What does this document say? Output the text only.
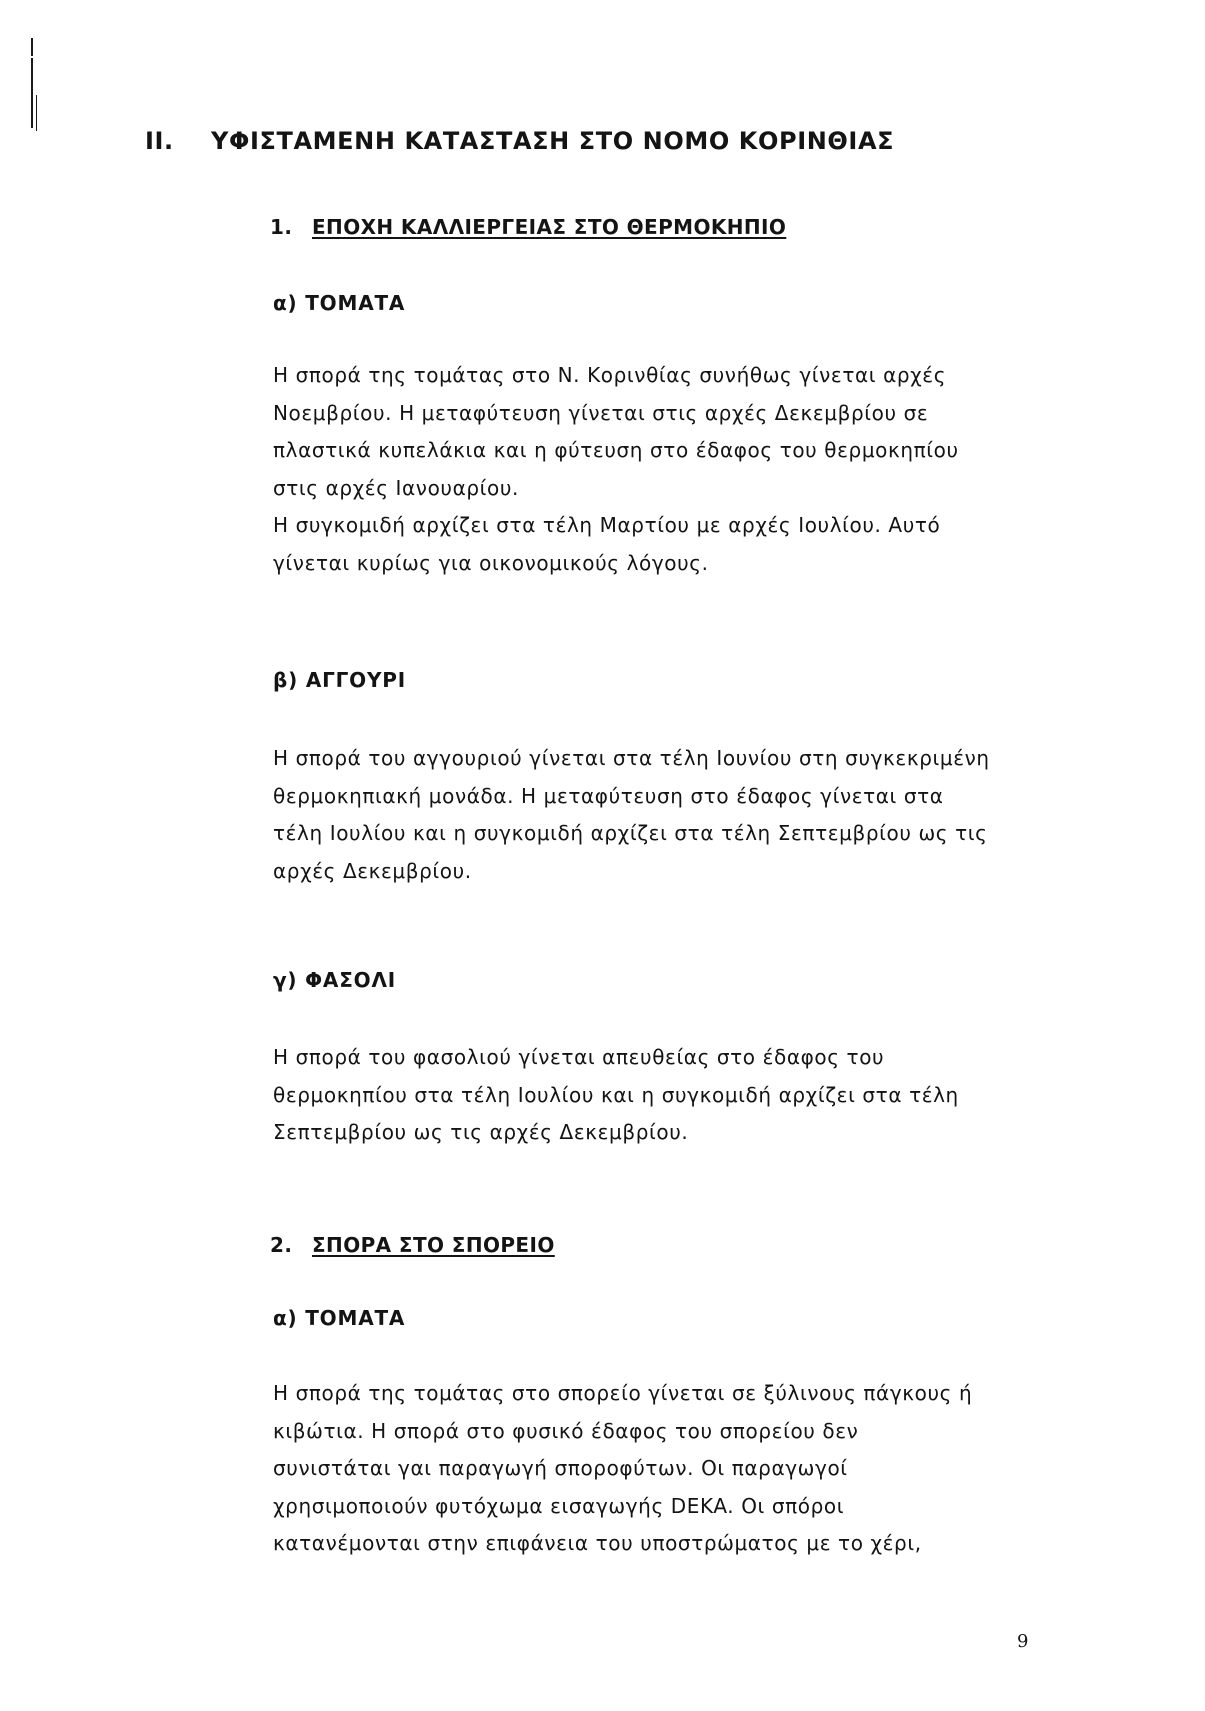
II. ΥΦΙΣΤΑΜΕΝΗ ΚΑΤΑΣΤΑΣΗ ΣΤΟ ΝΟΜΟ ΚΟΡΙΝΘΙΑΣ
1. ΕΠΟΧΗ ΚΑΛΛΙΕΡΓΕΙΑΣ ΣΤΟ ΘΕΡΜΟΚΗΠΙΟ
α) ΤΟΜΑΤΑ
Η σπορά της τομάτας στο Ν. Κορινθίας συνήθως γίνεται αρχές
Νοεμβρίου. Η μεταφύτευση γίνεται στις αρχές Δεκεμβρίου σε
πλαστικά κυπελάκια και η φύτευση στο έδαφος του θερμοκηπίου
στις αρχές Ιανουαρίου.
Η συγκομιδή αρχίζει στα τέλη Μαρτίου με αρχές Ιουλίου. Αυτό
γίνεται κυρίως για οικονομικούς λόγους.
β) ΑΓΓΟΥΡΙ
Η σπορά του αγγουριού γίνεται στα τέλη Ιουνίου στη συγκεκριμένη
θερμοκηπιακή μονάδα. Η μεταφύτευση στο έδαφος γίνεται στα
τέλη Ιουλίου και η συγκομιδή αρχίζει στα τέλη Σεπτεμβρίου ως τις
αρχές Δεκεμβρίου.
γ) ΦΑΣΟΛΙ
Η σπορά του φασολιού γίνεται απευθείας στο έδαφος του
θερμοκηπίου στα τέλη Ιουλίου και η συγκομιδή αρχίζει στα τέλη
Σεπτεμβρίου ως τις αρχές Δεκεμβρίου.
2. ΣΠΟΡΑ ΣΤΟ ΣΠΟΡΕΙΟ
α) ΤΟΜΑΤΑ
Η σπορά της τομάτας στο σπορείο γίνεται σε ξύλινους πάγκους ή
κιβώτια. Η σπορά στο φυσικό έδαφος του σπορείου δεν
συνιστάται γαι παραγωγή σποροφύτων. Οι παραγωγοί
χρησιμοποιούν φυτόχωμα εισαγωγής DEKA. Οι σπόροι
κατανέμονται στην επιφάνεια του υποστρώματος με το χέρι,
9
